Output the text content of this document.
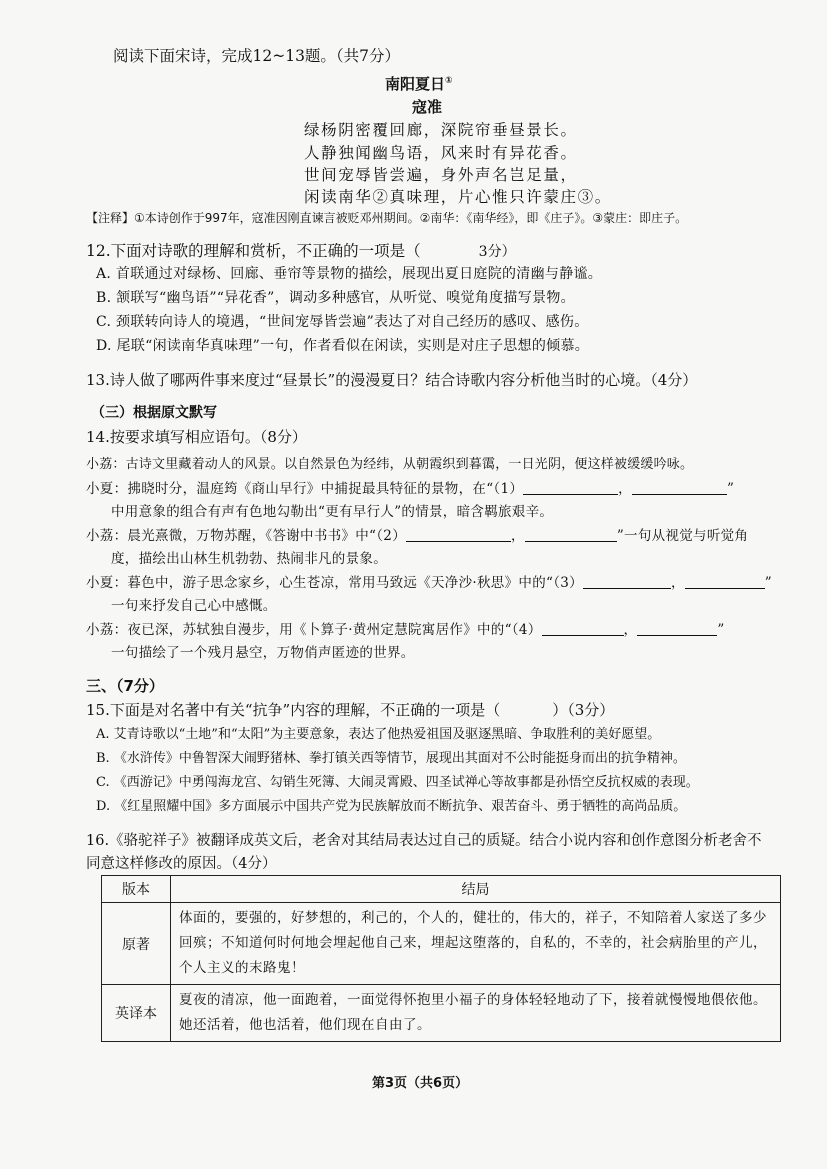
阅读下面宋诗，完成12~13题。（共7分）
南阳夏日①
寇准
绿杨阴密覆回廊，深院帘垂昼景长。
人静独闻幽鸟语，风来时有异花香。
世间宠辱皆尝遍，身外声名岂足量，
闲读南华②真味理，片心惟只许蒙庄③。
【注释】①本诗创作于997年，寇准因刚直谏言被贬邓州期间。②南华：《南华经》，即《庄子》。③蒙庄：即庄子。
12.下面对诗歌的理解和赏析，不正确的一项是（	3分）
A. 首联通过对绿杨、回廊、垂帘等景物的描绘，展现出夏日庭院的清幽与静谧。
B. 颔联写“幽鸟语”“异花香”，调动多种感官，从听觉、嗅觉角度描写景物。
C. 颈联转向诗人的境遇，“世间宠辱皆尝遍”表达了对自己经历的感叹、感伤。
D. 尾联“闲读南华真味理”一句，作者看似在闲读，实则是对庄子思想的倾慕。
13.诗人做了哪两件事来度过“昼景长”的漫漫夏日？结合诗歌内容分析他当时的心境。（4分）
（三）根据原文默写
14.按要求填写相应语句。（8分）
小荔：古诗文里藏着动人的风景。以自然景色为经纬，从朝霞织到暮霭，一日光阴，便这样被缓缓吟咏。
小夏：拂晓时分，温庭筠《商山早行》中捕捉最具特征的景物，在“（1）	，	”
中用意象的组合有声有色地勾勒出“更有早行人”的情景，暗含羁旅艰辛。
小荔：晨光熹微，万物苏醒，《答谢中书书》中“（2）	，	”一句从视觉与听觉角
度，描绘出山林生机勃勃、热闹非凡的景象。
小夏：暮色中，游子思念家乡，心生苍凉，常用马致远《天净沙·秋思》中的“（3）	，	”
一句来抒发自己心中感慨。
小荔：夜已深，苏轼独自漫步，用《卜算子·黄州定慧院寓居作》中的“（4）	，	”
一句描绘了一个残月悬空，万物俏声匿迹的世界。
三、（7分）
15.下面是对名著中有关“抗争”内容的理解，不正确的一项是（	）（3分）
A. 艾青诗歌以“土地”和“太阳”为主要意象，表达了他热爱祖国及驱逐黑暗、争取胜利的美好愿望。
B. 《水浒传》中鲁智深大闹野猪林、拳打镇关西等情节，展现出其面对不公时能挺身而出的抗争精神。
C. 《西游记》中勇闯海龙宫、勾销生死簿、大闹灵霄殿、四圣试禅心等故事都是孙悟空反抗权威的表现。
D. 《红星照耀中国》多方面展示中国共产党为民族解放而不断抗争、艰苦奋斗、勇于牺牲的高尚品质。
16.《骆驼祥子》被翻译成英文后，老舍对其结局表达过自己的质疑。结合小说内容和创作意图分析老舍不
同意这样修改的原因。（4分）
版本	结局
原著	体面的，要强的，好梦想的，利己的，个人的，健壮的，伟大的，祥子，不知陪着人家送了多少回殡；不知道何时何地会埋起他自己来，埋起这堕落的，自私的，不幸的，社会病胎里的产儿，个人主义的末路鬼！
英译本	夏夜的清凉，他一面跑着，一面觉得怀抱里小福子的身体轻轻地动了下，接着就慢慢地偎依他。她还活着，他也活着，他们现在自由了。
第3页（共6页）
